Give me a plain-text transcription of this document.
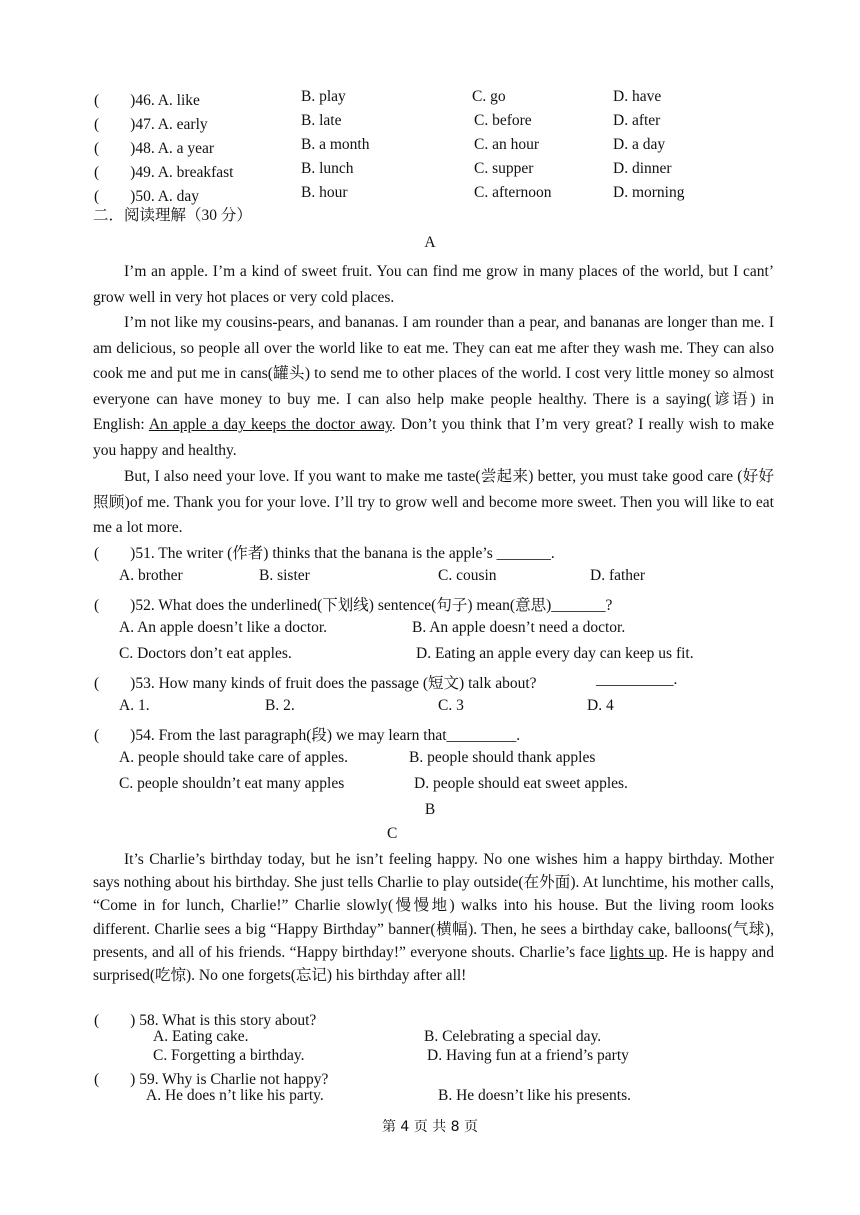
(　　)46. A. like	B. play	C. go	D. have
(　　)47. A. early	B. late	C. before	D. after
(　　)48. A. a year	B. a month	C. an hour	D. a day
(　　)49. A. breakfast	B. lunch	C. supper	D. dinner
(　　)50. A. day	B. hour	C. afternoon	D. morning
二．阅读理解（30 分）
A

I’m an apple. I’m a kind of sweet fruit. You can find me grow in many places of the world, but I cant’ grow well in very hot places or very cold places.

I’m not like my cousins-pears, and bananas. I am rounder than a pear, and bananas are longer than me. I am delicious, so people all over the world like to eat me. They can eat me after they wash me. They can also cook me and put me in cans(罐头) to send me to other places of the world. I cost very little money so almost everyone can have money to buy me. I can also help make people healthy. There is a saying(谚语) in English: An apple a day keeps the doctor away. Don’t you think that I’m very great? I really wish to make you happy and healthy.

But, I also need your love. If you want to make me taste(尝起来) better, you must take good care (好好照顾)of me. Thank you for your love. I’ll try to grow well and become more sweet. Then you will like to eat me a lot more.

(　　)51. The writer (作者) thinks that the banana is the apple’s _______.
A. brother	B. sister	C. cousin	D. father
(　　)52. What does the underlined(下划线) sentence(句子) mean(意思)_______?
A. An apple doesn’t like a doctor.	B. An apple doesn’t need a doctor.
C. Doctors don’t eat apples.	D. Eating an apple every day can keep us fit.
(　　)53. How many kinds of fruit does the passage (短文) talk about?	__________.
A. 1.	B. 2.	C. 3	D. 4
(　　)54. From the last paragraph(段) we may learn that_________.
A. people should take care of apples.	B. people should thank apples
C. people shouldn’t eat many apples	D. people should eat sweet apples.
B
C

It’s Charlie’s birthday today, but he isn’t feeling happy. No one wishes him a happy birthday. Mother says nothing about his birthday. She just tells Charlie to play outside(在外面). At lunchtime, his mother calls, “Come in for lunch, Charlie!” Charlie slowly(慢慢地) walks into his house. But the living room looks different. Charlie sees a big “Happy Birthday” banner(横幅). Then, he sees a birthday cake, balloons(气球), presents, and all of his friends. “Happy birthday!” everyone shouts. Charlie’s face lights up. He is happy and surprised(吃惊). No one forgets(忘记) his birthday after all!

(　　) 58. What is this story about?
A. Eating cake.	B. Celebrating a special day.
C. Forgetting a birthday.	D. Having fun at a friend’s party
(　　) 59. Why is Charlie not happy?
A. He does n’t like his party.	B. He doesn’t like his presents.
第 4 页 共 8 页
